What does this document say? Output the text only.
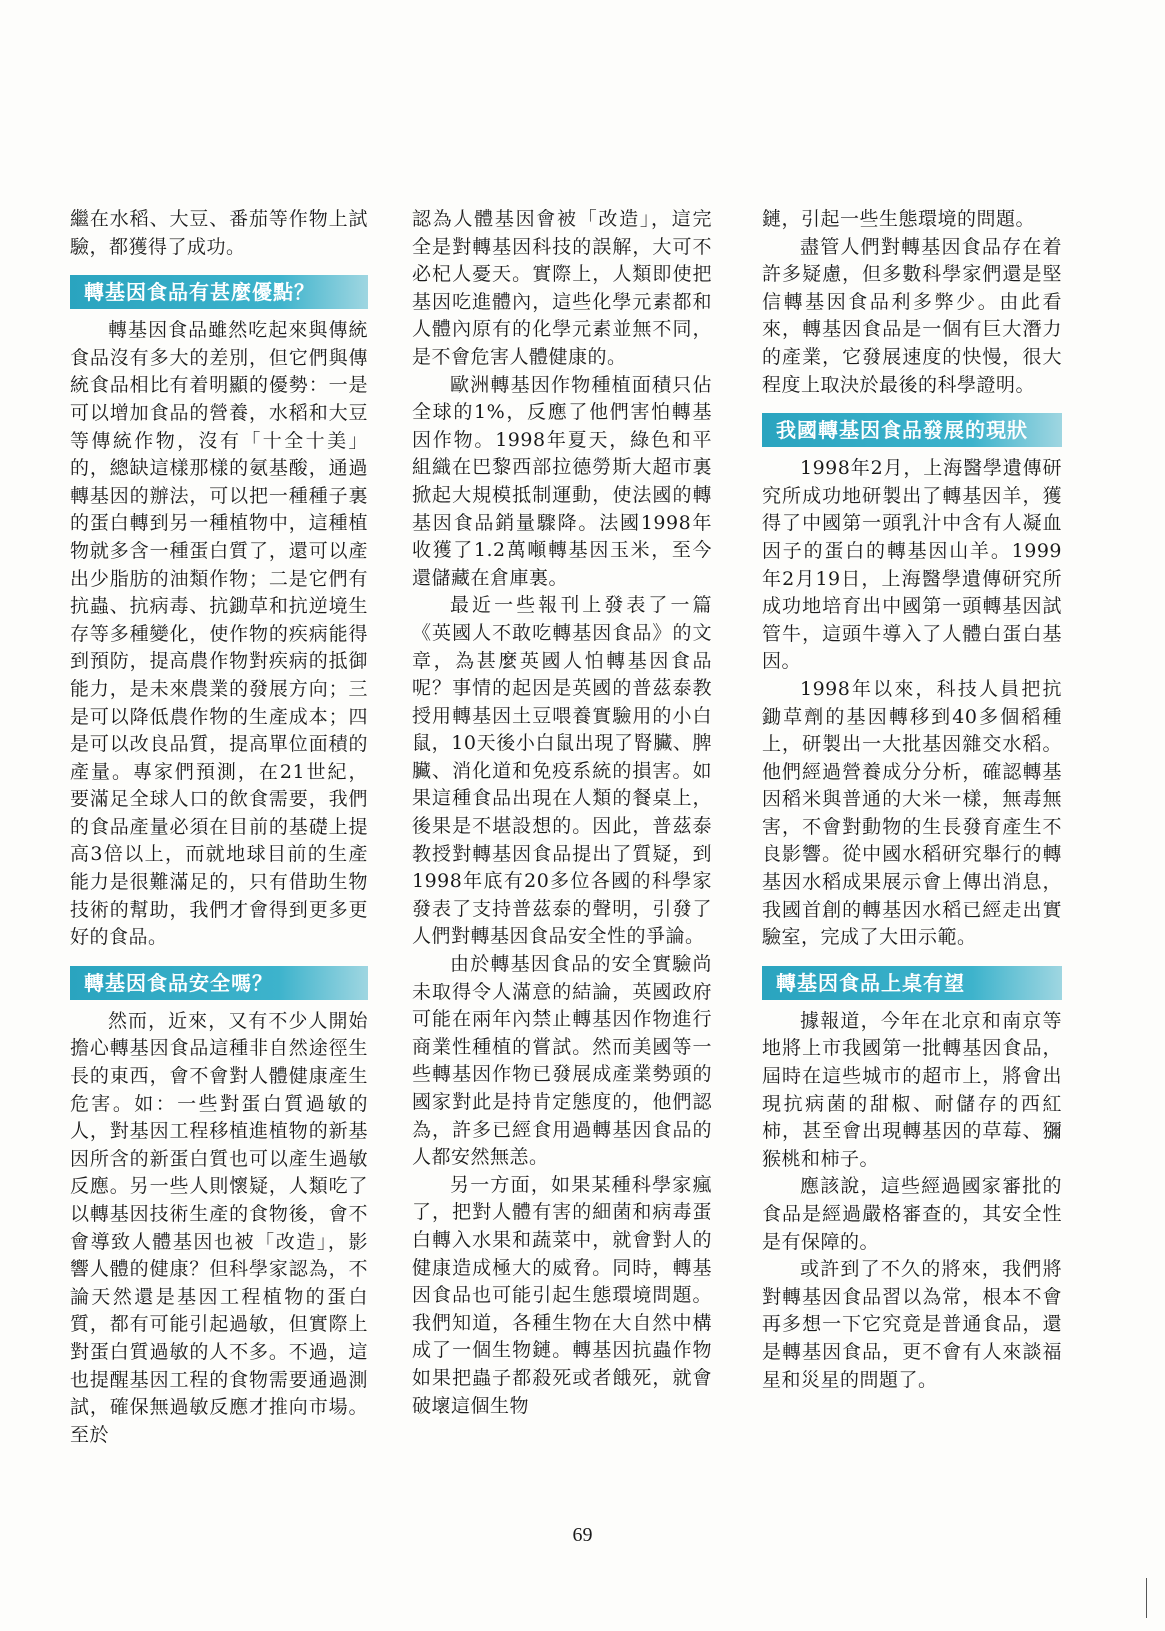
繼在水稻、大豆、番茄等作物上試驗，都獲得了成功。

轉基因食品有甚麼優點？

轉基因食品雖然吃起來與傳統食品沒有多大的差別，但它們與傳統食品相比有着明顯的優勢：一是可以增加食品的營養，水稻和大豆等傳統作物，沒有「十全十美」的，總缺這樣那樣的氨基酸，通過轉基因的辦法，可以把一種種子裏的蛋白轉到另一種植物中，這種植物就多含一種蛋白質了，還可以產出少脂肪的油類作物；二是它們有抗蟲、抗病毒、抗鋤草和抗逆境生存等多種變化，使作物的疾病能得到預防，提高農作物對疾病的抵御能力，是未來農業的發展方向；三是可以降低農作物的生產成本；四是可以改良品質，提高單位面積的產量。專家們預測，在21世紀，要滿足全球人口的飲食需要，我們的食品產量必須在目前的基礎上提高3倍以上，而就地球目前的生產能力是很難滿足的，只有借助生物技術的幫助，我們才會得到更多更好的食品。

轉基因食品安全嗎？

然而，近來，又有不少人開始擔心轉基因食品這種非自然途徑生長的東西，會不會對人體健康產生危害。如：一些對蛋白質過敏的人，對基因工程移植進植物的新基因所含的新蛋白質也可以產生過敏反應。另一些人則懷疑，人類吃了以轉基因技術生產的食物後，會不會導致人體基因也被「改造」，影響人體的健康？但科學家認為，不論天然還是基因工程植物的蛋白質，都有可能引起過敏，但實際上對蛋白質過敏的人不多。不過，這也提醒基因工程的食物需要通過測試，確保無過敏反應才推向市場。至於

認為人體基因會被「改造」，這完全是對轉基因科技的誤解，大可不必杞人憂天。實際上，人類即使把基因吃進體內，這些化學元素都和人體內原有的化學元素並無不同，是不會危害人體健康的。

歐洲轉基因作物種植面積只佔全球的1%，反應了他們害怕轉基因作物。1998年夏天，綠色和平組織在巴黎西部拉德勞斯大超市裏掀起大規模抵制運動，使法國的轉基因食品銷量驟降。法國1998年收獲了1.2萬噸轉基因玉米，至今還儲藏在倉庫裏。

最近一些報刊上發表了一篇《英國人不敢吃轉基因食品》的文章，為甚麼英國人怕轉基因食品呢？事情的起因是英國的普茲泰教授用轉基因土豆喂養實驗用的小白鼠，10天後小白鼠出現了腎臟、脾臟、消化道和免疫系統的損害。如果這種食品出現在人類的餐桌上，後果是不堪設想的。因此，普茲泰教授對轉基因食品提出了質疑，到1998年底有20多位各國的科學家發表了支持普茲泰的聲明，引發了人們對轉基因食品安全性的爭論。

由於轉基因食品的安全實驗尚未取得令人滿意的結論，英國政府可能在兩年內禁止轉基因作物進行商業性種植的嘗試。然而美國等一些轉基因作物已發展成產業勢頭的國家對此是持肯定態度的，他們認為，許多已經食用過轉基因食品的人都安然無恙。

另一方面，如果某種科學家瘋了，把對人體有害的細菌和病毒蛋白轉入水果和蔬菜中，就會對人的健康造成極大的威脅。同時，轉基因食品也可能引起生態環境問題。我們知道，各種生物在大自然中構成了一個生物鏈。轉基因抗蟲作物如果把蟲子都殺死或者餓死，就會破壞這個生物

鏈，引起一些生態環境的問題。

盡管人們對轉基因食品存在着許多疑慮，但多數科學家們還是堅信轉基因食品利多弊少。由此看來，轉基因食品是一個有巨大潛力的產業，它發展速度的快慢，很大程度上取決於最後的科學證明。

我國轉基因食品發展的現狀

1998年2月，上海醫學遺傳研究所成功地研製出了轉基因羊，獲得了中國第一頭乳汁中含有人凝血因子的蛋白的轉基因山羊。1999年2月19日，上海醫學遺傳研究所成功地培育出中國第一頭轉基因試管牛，這頭牛導入了人體白蛋白基因。

1998年以來，科技人員把抗鋤草劑的基因轉移到40多個稻種上，研製出一大批基因雜交水稻。他們經過營養成分分析，確認轉基因稻米與普通的大米一樣，無毒無害，不會對動物的生長發育產生不良影響。從中國水稻研究舉行的轉基因水稻成果展示會上傳出消息，我國首創的轉基因水稻已經走出實驗室，完成了大田示範。

轉基因食品上桌有望

據報道，今年在北京和南京等地將上市我國第一批轉基因食品，屆時在這些城市的超市上，將會出現抗病菌的甜椒、耐儲存的西紅柿，甚至會出現轉基因的草莓、獼猴桃和柿子。

應該說，這些經過國家審批的食品是經過嚴格審查的，其安全性是有保障的。

或許到了不久的將來，我們將對轉基因食品習以為常，根本不會再多想一下它究竟是普通食品，還是轉基因食品，更不會有人來談福星和災星的問題了。

69
